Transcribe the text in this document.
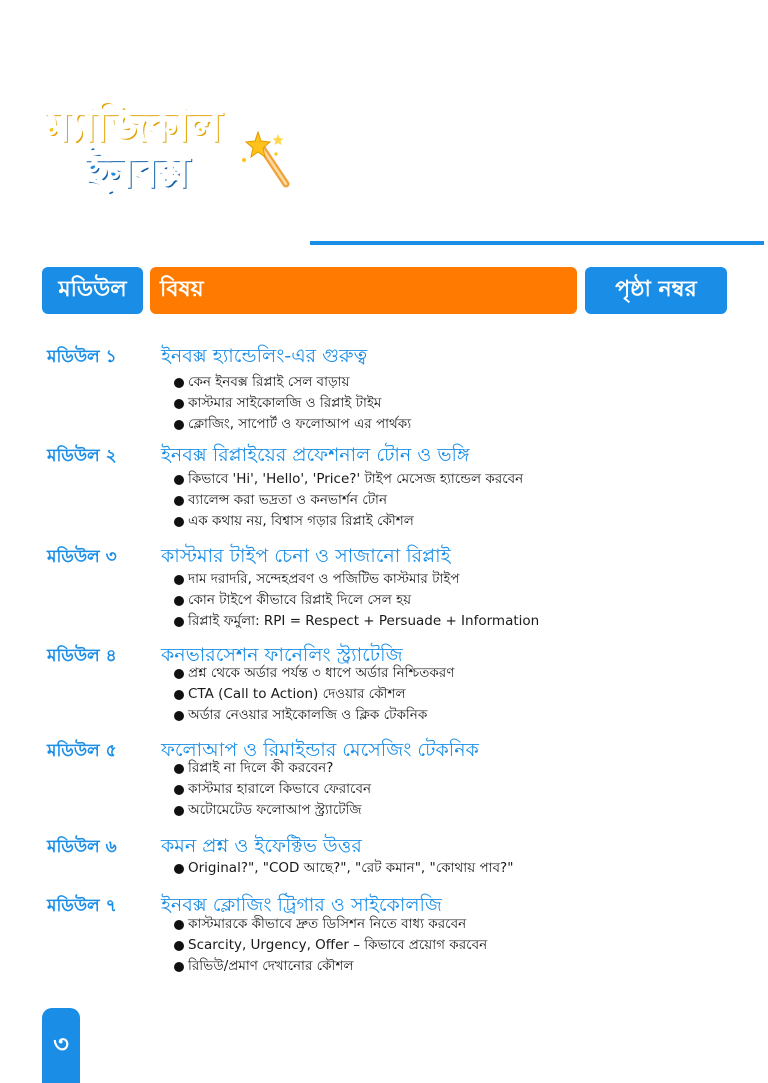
ম্যাজিকাল
ইনবক্স
মডিউল	বিষয়	পৃষ্ঠা নম্বর
মডিউল ১ ইনবক্স হ্যান্ডেলিং-এর গুরুত্ব
কেন ইনবক্স রিপ্লাই সেল বাড়ায়
কাস্টমার সাইকোলজি ও রিপ্লাই টাইম
ক্লোজিং, সাপোর্ট ও ফলোআপ এর পার্থক্য
মডিউল ২ ইনবক্স রিপ্লাইয়ের প্রফেশনাল টোন ও ভঙ্গি
কিভাবে 'Hi', 'Hello', 'Price?' টাইপ মেসেজ হ্যান্ডেল করবেন
ব্যালেন্স করা ভদ্রতা ও কনভার্শন টোন
এক কথায় নয়, বিশ্বাস গড়ার রিপ্লাই কৌশল
মডিউল ৩ কাস্টমার টাইপ চেনা ও সাজানো রিপ্লাই
দাম দরাদরি, সন্দেহপ্রবণ ও পজিটিভ কাস্টমার টাইপ
কোন টাইপে কীভাবে রিপ্লাই দিলে সেল হয়
রিপ্লাই ফর্মুলা: RPI = Respect + Persuade + Information
মডিউল ৪ কনভারসেশন ফানেলিং স্ট্র্যাটেজি
প্রশ্ন থেকে অর্ডার পর্যন্ত ৩ ধাপে অর্ডার নিশ্চিতকরণ
CTA (Call to Action) দেওয়ার কৌশল
অর্ডার নেওয়ার সাইকোলজি ও ক্লিক টেকনিক
মডিউল ৫ ফলোআপ ও রিমাইন্ডার মেসেজিং টেকনিক
রিপ্লাই না দিলে কী করবেন?
কাস্টমার হারালে কিভাবে ফেরাবেন
অটোমেটেড ফলোআপ স্ট্র্যাটেজি
মডিউল ৬ কমন প্রশ্ন ও ইফেক্টিভ উত্তর
Original?", "COD আছে?", "রেট কমান", "কোথায় পাব?"
মডিউল ৭ ইনবক্স ক্লোজিং ট্রিগার ও সাইকোলজি
কাস্টমারকে কীভাবে দ্রুত ডিসিশন নিতে বাধ্য করবেন
Scarcity, Urgency, Offer – কিভাবে প্রয়োগ করবেন
রিভিউ/প্রমাণ দেখানোর কৌশল
৩
